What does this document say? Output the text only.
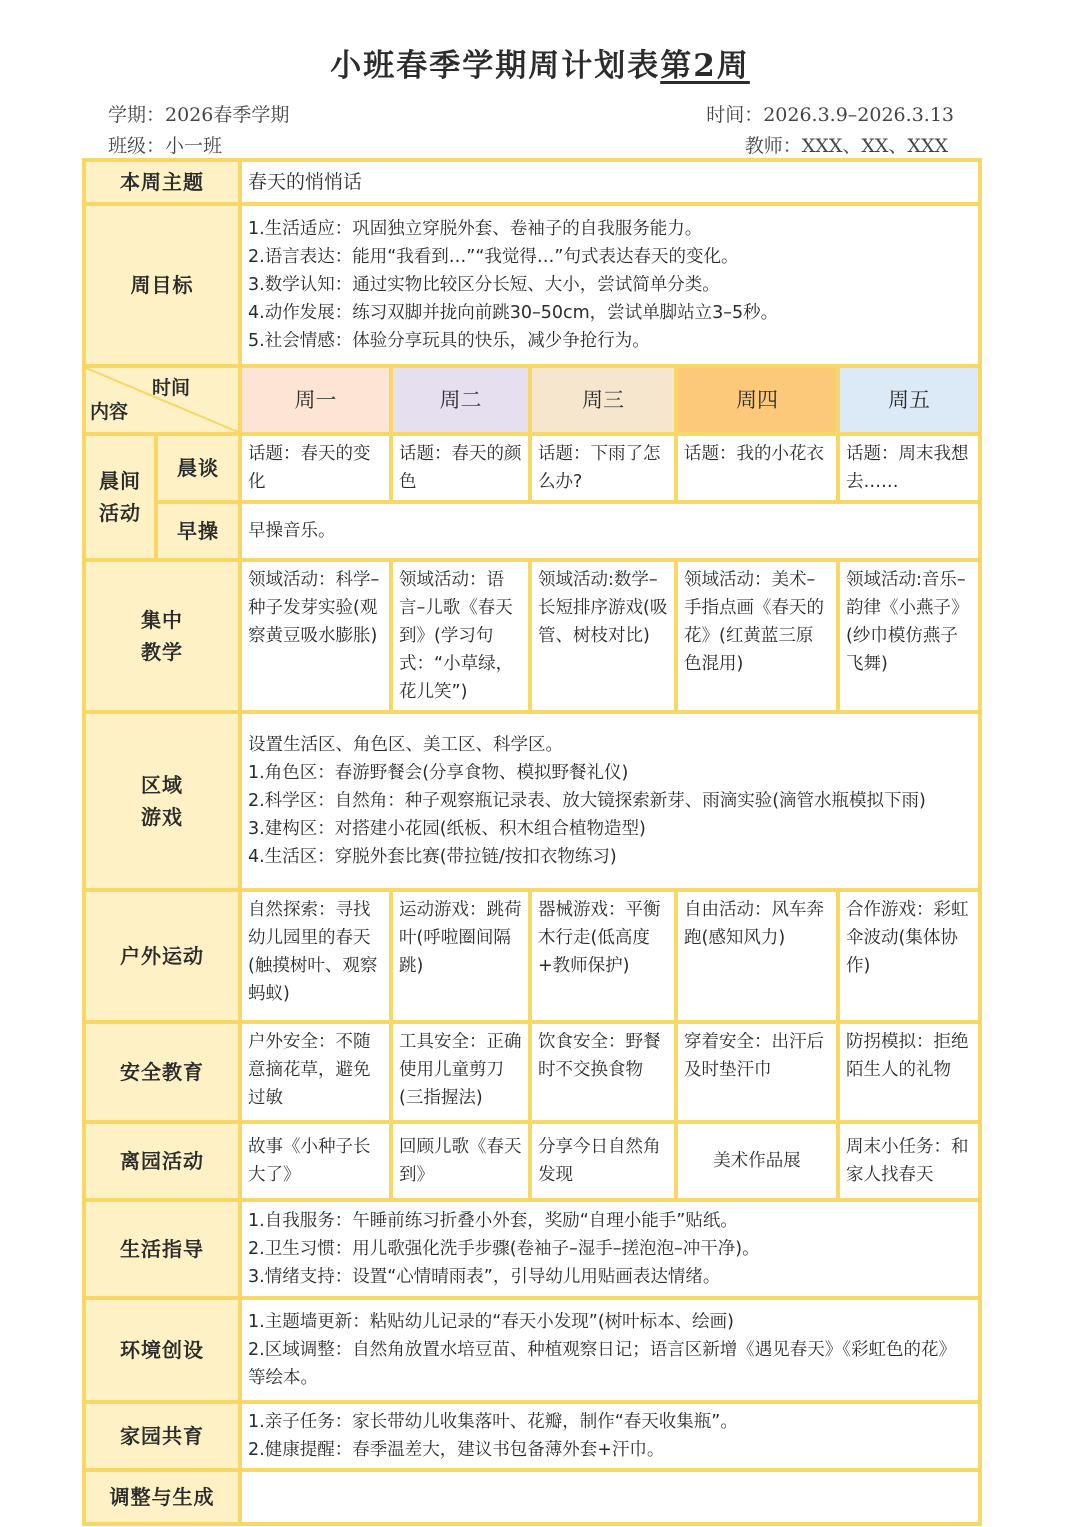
小班春季学期周计划表第2周
学期：2026春季学期	时间：2026.3.9–2026.3.13
班级：小一班	教师：XXX、XX、XXX
本周主题		春天的悄悄话				
周目标		1.生活适应：巩固独立穿脱外套、卷袖子的自我服务能力。
2.语言表达：能用“我看到…”“我觉得…”句式表达春天的变化。
3.数学认知：通过实物比较区分长短、大小，尝试简单分类。
4.动作发展：练习双脚并拢向前跳30–50cm，尝试单脚站立3–5秒。
5.社会情感：体验分享玩具的快乐，减少争抢行为。				

时间
内容		周一	周二	周三	周四	周五

晨间
活动	晨谈	话题：春天的变化	话题：春天的颜色	话题：下雨了怎么办?	话题：我的小花衣	话题：周末我想去……
	早操	早操音乐。				

集中
教学		领域活动：科学–种子发芽实验(观察黄豆吸水膨胀)	领域活动：语言–儿歌《春天到》(学习句式：“小草绿，花儿笑”)	领域活动:数学–长短排序游戏(吸管、树枝对比)	领域活动：美术–手指点画《春天的花》(红黄蓝三原色混用)	领域活动:音乐–韵律《小燕子》(纱巾模仿燕子飞舞)

区域
游戏		设置生活区、角色区、美工区、科学区。
1.角色区：春游野餐会(分享食物、模拟野餐礼仪)
2.科学区：自然角：种子观察瓶记录表、放大镜探索新芽、雨滴实验(滴管水瓶模拟下雨)
3.建构区：对搭建小花园(纸板、积木组合植物造型)
4.生活区：穿脱外套比赛(带拉链/按扣衣物练习)				

户外运动		自然探索：寻找幼儿园里的春天(触摸树叶、观察蚂蚁)	运动游戏：跳荷叶(呼啦圈间隔跳)	器械游戏：平衡木行走(低高度+教师保护)	自由活动：风车奔跑(感知风力)	合作游戏：彩虹伞波动(集体协作)
安全教育		户外安全：不随意摘花草，避免过敏	工具安全：正确使用儿童剪刀(三指握法)	饮食安全：野餐时不交换食物	穿着安全：出汗后及时垫汗巾	防拐模拟：拒绝陌生人的礼物
离园活动		故事《小种子长大了》	回顾儿歌《春天到》	分享今日自然角发现	美术作品展	周末小任务：和家人找春天
生活指导		1.自我服务：午睡前练习折叠小外套，奖励“自理小能手”贴纸。
2.卫生习惯：用儿歌强化洗手步骤(卷袖子–湿手–搓泡泡–冲干净)。
3.情绪支持：设置“心情晴雨表”，引导幼儿用贴画表达情绪。				

环境创设		1.主题墙更新：粘贴幼儿记录的“春天小发现”(树叶标本、绘画)
2.区域调整：自然角放置水培豆苗、种植观察日记；语言区新增《遇见春天》《彩虹色的花》等绘本。				

家园共育		1.亲子任务：家长带幼儿收集落叶、花瓣，制作“春天收集瓶”。
2.健康提醒：春季温差大，建议书包备薄外套+汗巾。				

调整与生成						
